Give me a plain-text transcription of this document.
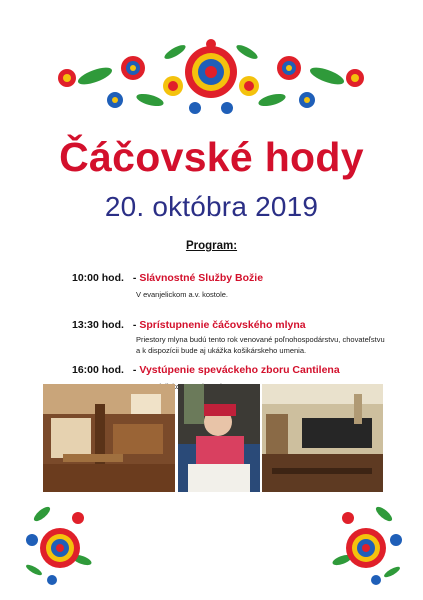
Čáčovské hody
20. októbra 2019
Program:
10:00 hod. - Slávnostné Služby Božie
V evanjelickom a.v. kostole.
13:30 hod. - Sprístupnenie čáčovského mlyna
Priestory mlyna budú tento rok venované poľnohospodárstvu, chovateľstvu
a k dispozícii bude aj ukážka košikárskeho umenia.
16:00 hod. - Vystúpenie speváckeho zboru Cantilena
